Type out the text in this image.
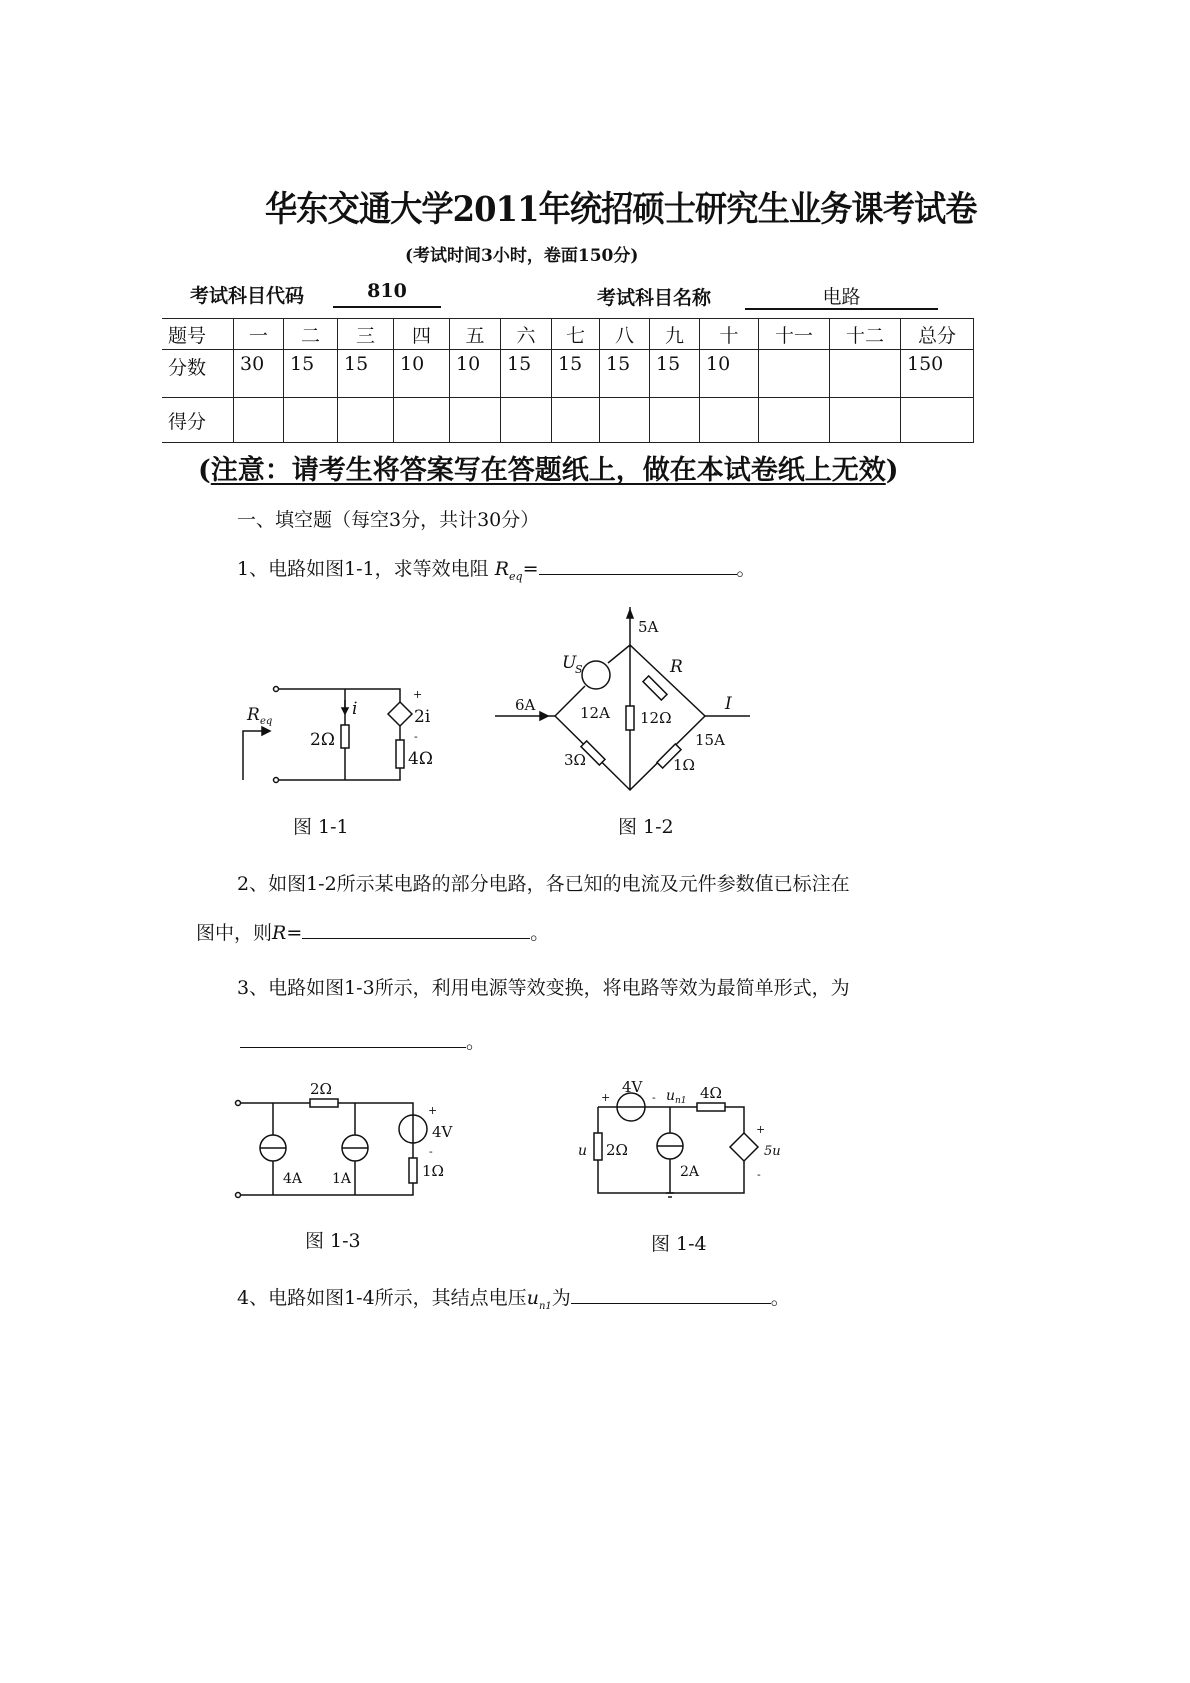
华东交通大学2011年统招硕士研究生业务课考试卷
(考试时间3小时，卷面150分)
考试科目代码	810	考试科目名称	电路
题号	一	二	三	四	五	六	七	八	九	十	十一	十二	总分
分数	30	15	15	10	10	15	15	15	15	10			150
得分													
(注意：请考生将答案写在答题纸上，做在本试卷纸上无效)
一、填空题（每空3分，共计30分）
1、电路如图1-1，求等效电阻 $R_{eq}=$	。
2、如图1-2所示某电路的部分电路，各已知的电流及元件参数值已标注在
图中，则R=	。
3、电路如图1-3所示，利用电源等效变换，将电路等效为最简单形式，为
。
4、电路如图1-4所示，其结点电压$u_{n1}$为	。
R eq
i
2Ω
2i
4Ω
+
-
图 1-1
5A
U
S	R
6A	12A 12Ω
I
15A
3Ω	1Ω
图 1-2
2Ω
4V
1Ω
4A 1A
+
-
图 1-3
4V u n1 4Ω
u 2Ω
2A
5u
+	-
+
-
图 1-4
